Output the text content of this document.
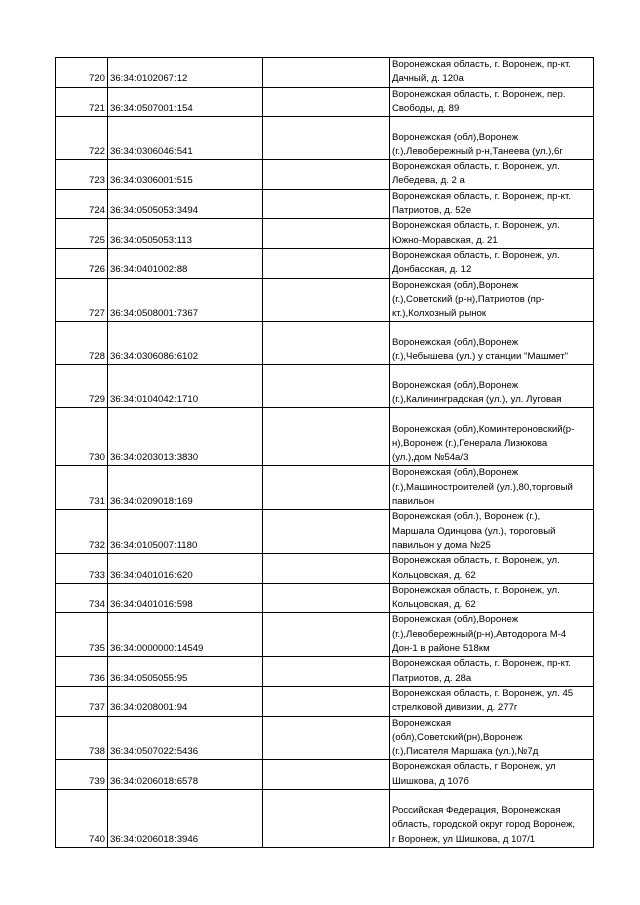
720	36:34:0102067:12		Воронежская область, г. Воронеж, пр-кт.
Дачный, д. 120а
721	36:34:0507001:154		Воронежская область, г. Воронеж, пер.
Свободы, д. 89
722	36:34:0306046:541		Воронежская (обл),Воронеж
(г.),Левобережный р-н,Танеева (ул.),6г
723	36:34:0306001:515		Воронежская область, г. Воронеж, ул.
Лебедева, д. 2 а
724	36:34:0505053:3494		Воронежская область, г. Воронеж, пр-кт.
Патриотов, д. 52е
725	36:34:0505053:113		Воронежская область, г. Воронеж, ул.
Южно-Моравская, д. 21
726	36:34:0401002:88		Воронежская область, г. Воронеж, ул.
Донбасская, д. 12
727	36:34:0508001:7367		Воронежская (обл),Воронеж
(г.),Советский (р-н),Патриотов (пр-
кт.),Колхозный рынок
728	36:34:0306086:6102		Воронежская (обл),Воронеж
(г.),Чебышева (ул.) у станции "Машмет"
729	36:34:0104042:1710		Воронежская (обл),Воронеж
(г.),Калининградская (ул.), ул. Луговая
730	36:34:0203013:3830		Воронежская (обл),Коминтероновский(р-
н),Воронеж (г.),Генерала Лизюкова
(ул.),дом №54а/3
731	36:34:0209018:169		Воронежская (обл),Воронеж
(г.),Машиностроителей (ул.),80,торговый
павильон
732	36:34:0105007:1180		Воронежская (обл.), Воронеж (г.),
Маршала Одинцова (ул.), тороговый
павильон у дома №25
733	36:34:0401016:620		Воронежская область, г. Воронеж, ул.
Кольцовская, д. 62
734	36:34:0401016:598		Воронежская область, г. Воронеж, ул.
Кольцовская, д. 62
735	36:34:0000000:14549		Воронежская (обл),Воронеж
(г.),Левобережный(р-н),Автодорога М-4
Дон-1 в районе 518км
736	36:34:0505055:95		Воронежская область, г. Воронеж, пр-кт.
Патриотов, д. 28а
737	36:34:0208001:94		Воронежская область, г. Воронеж, ул. 45
стрелковой дивизии, д. 277г
738	36:34:0507022:5436		Воронежская
(обл),Советский(рн),Воронеж
(г.),Писателя Маршака (ул.),№7д
739	36:34:0206018:6578		Воронежская область, г Воронеж, ул
Шишкова, д 107б
740	36:34:0206018:3946		Российская Федерация, Воронежская
область, городской округ город Воронеж,
г Воронеж, ул Шишкова, д 107/1
